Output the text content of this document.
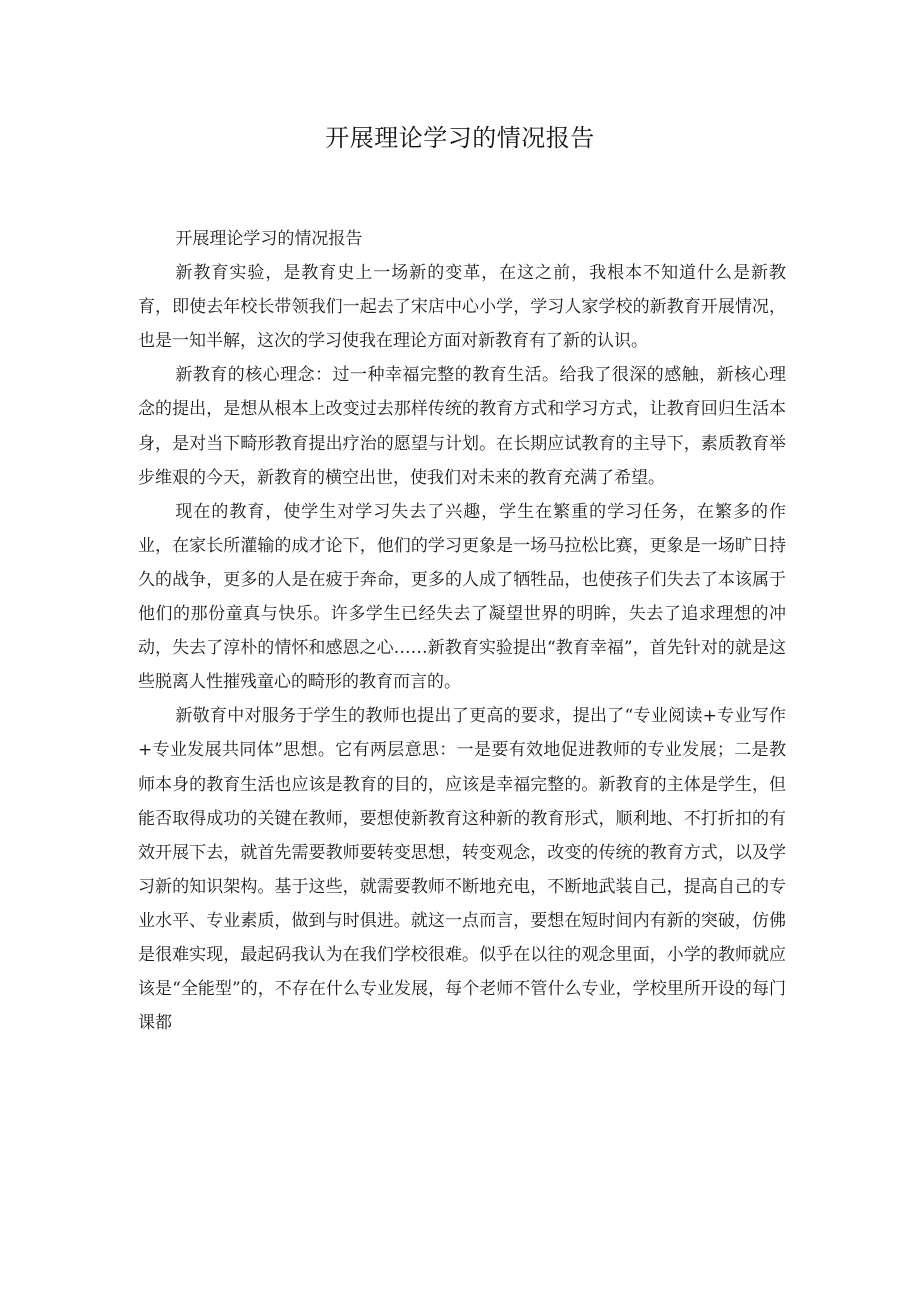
开展理论学习的情况报告

开展理论学习的情况报告

新教育实验，是教育史上一场新的变革，在这之前，我根本不知道什么是新教育，即使去年校长带领我们一起去了宋店中心小学，学习人家学校的新教育开展情况，也是一知半解，这次的学习使我在理论方面对新教育有了新的认识。

新教育的核心理念：过一种幸福完整的教育生活。给我了很深的感触，新核心理念的提出，是想从根本上改变过去那样传统的教育方式和学习方式，让教育回归生活本身，是对当下畸形教育提出疗治的愿望与计划。在长期应试教育的主导下，素质教育举步维艰的今天，新教育的横空出世，使我们对未来的教育充满了希望。

现在的教育，使学生对学习失去了兴趣，学生在繁重的学习任务，在繁多的作业，在家长所灌输的成才论下，他们的学习更象是一场马拉松比赛，更象是一场旷日持久的战争，更多的人是在疲于奔命，更多的人成了牺牲品，也使孩子们失去了本该属于他们的那份童真与快乐。许多学生已经失去了凝望世界的明眸，失去了追求理想的冲动，失去了淳朴的情怀和感恩之心……新教育实验提出“教育幸福”，首先针对的就是这些脱离人性摧残童心的畸形的教育而言的。

新敬育中对服务于学生的教师也提出了更高的要求，提出了“专业阅读+专业写作+专业发展共同体”思想。它有两层意思：一是要有效地促进教师的专业发展；二是教师本身的教育生活也应该是教育的目的，应该是幸福完整的。新教育的主体是学生，但能否取得成功的关键在教师，要想使新教育这种新的教育形式，顺利地、不打折扣的有效开展下去，就首先需要教师要转变思想，转变观念，改变的传统的教育方式，以及学习新的知识架构。基于这些，就需要教师不断地充电，不断地武装自己，提高自己的专业水平、专业素质，做到与时俱进。就这一点而言，要想在短时间内有新的突破，仿佛是很难实现，最起码我认为在我们学校很难。似乎在以往的观念里面，小学的教师就应该是“全能型”的，不存在什么专业发展，每个老师不管什么专业，学校里所开设的每门课都
